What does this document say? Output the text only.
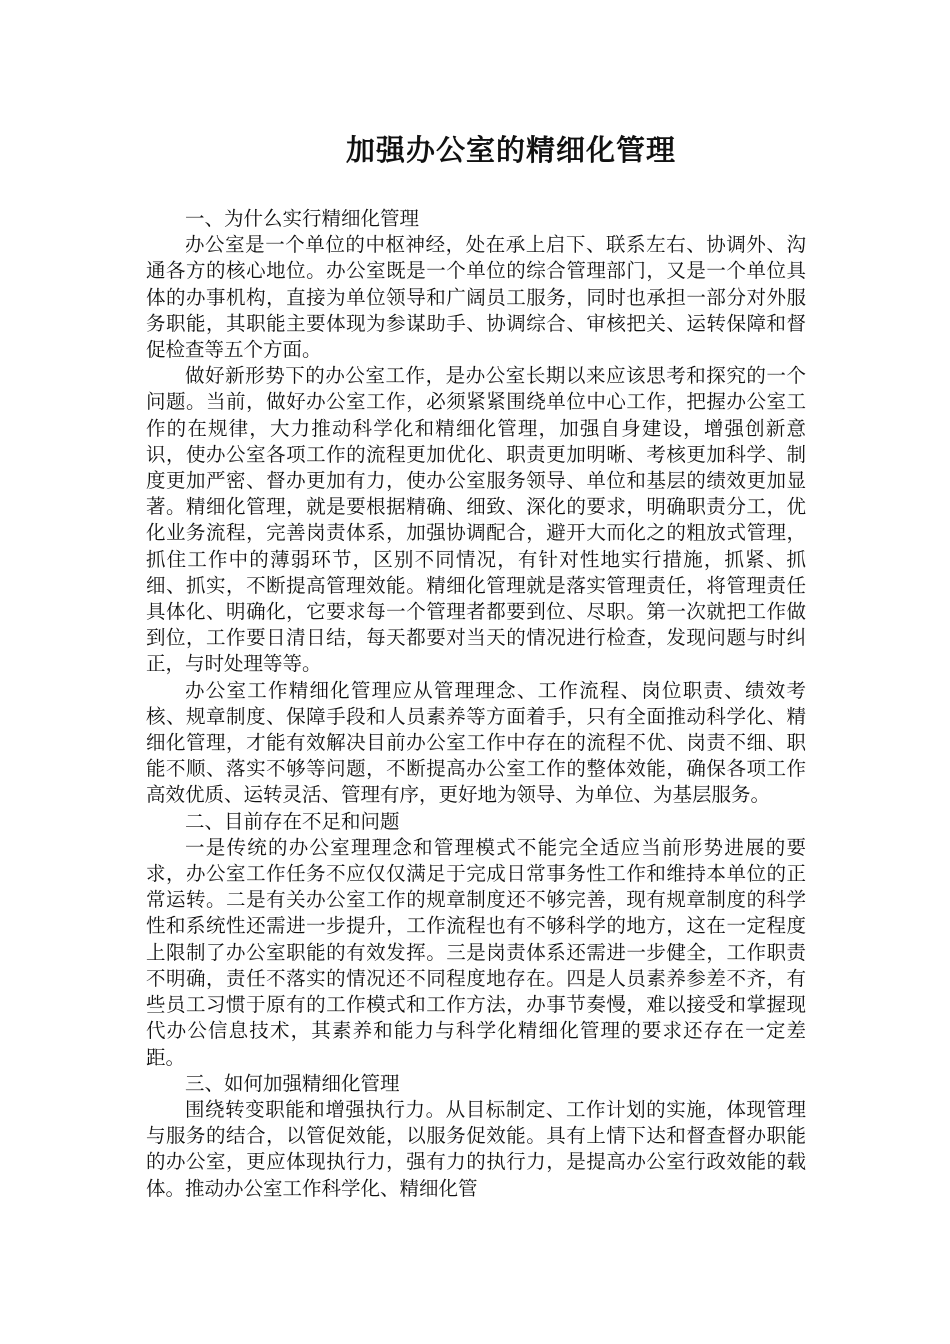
加强办公室的精细化管理

一、为什么实行精细化管理

办公室是一个单位的中枢神经，处在承上启下、联系左右、协调外、沟通各方的核心地位。办公室既是一个单位的综合管理部门，又是一个单位具体的办事机构，直接为单位领导和广阔员工服务，同时也承担一部分对外服务职能，其职能主要体现为参谋助手、协调综合、审核把关、运转保障和督促检查等五个方面。

做好新形势下的办公室工作，是办公室长期以来应该思考和探究的一个问题。当前，做好办公室工作，必须紧紧围绕单位中心工作，把握办公室工作的在规律，大力推动科学化和精细化管理，加强自身建设，增强创新意识，使办公室各项工作的流程更加优化、职责更加明晰、考核更加科学、制度更加严密、督办更加有力，使办公室服务领导、单位和基层的绩效更加显著。精细化管理，就是要根据精确、细致、深化的要求，明确职责分工，优化业务流程，完善岗责体系，加强协调配合，避开大而化之的粗放式管理，抓住工作中的薄弱环节，区别不同情况，有针对性地实行措施，抓紧、抓细、抓实，不断提高管理效能。精细化管理就是落实管理责任，将管理责任具体化、明确化，它要求每一个管理者都要到位、尽职。第一次就把工作做到位，工作要日清日结，每天都要对当天的情况进行检查，发现问题与时纠正，与时处理等等。

办公室工作精细化管理应从管理理念、工作流程、岗位职责、绩效考核、规章制度、保障手段和人员素养等方面着手，只有全面推动科学化、精细化管理，才能有效解决目前办公室工作中存在的流程不优、岗责不细、职能不顺、落实不够等问题，不断提高办公室工作的整体效能，确保各项工作高效优质、运转灵活、管理有序，更好地为领导、为单位、为基层服务。

二、目前存在不足和问题

一是传统的办公室理理念和管理模式不能完全适应当前形势进展的要求，办公室工作任务不应仅仅满足于完成日常事务性工作和维持本单位的正常运转。二是有关办公室工作的规章制度还不够完善，现有规章制度的科学性和系统性还需进一步提升，工作流程也有不够科学的地方，这在一定程度上限制了办公室职能的有效发挥。三是岗责体系还需进一步健全，工作职责不明确，责任不落实的情况还不同程度地存在。四是人员素养参差不齐，有些员工习惯于原有的工作模式和工作方法，办事节奏慢，难以接受和掌握现代办公信息技术，其素养和能力与科学化精细化管理的要求还存在一定差距。

三、如何加强精细化管理

围绕转变职能和增强执行力。从目标制定、工作计划的实施，体现管理与服务的结合，以管促效能，以服务促效能。具有上情下达和督查督办职能的办公室，更应体现执行力，强有力的执行力，是提高办公室行政效能的载体。推动办公室工作科学化、精细化管
